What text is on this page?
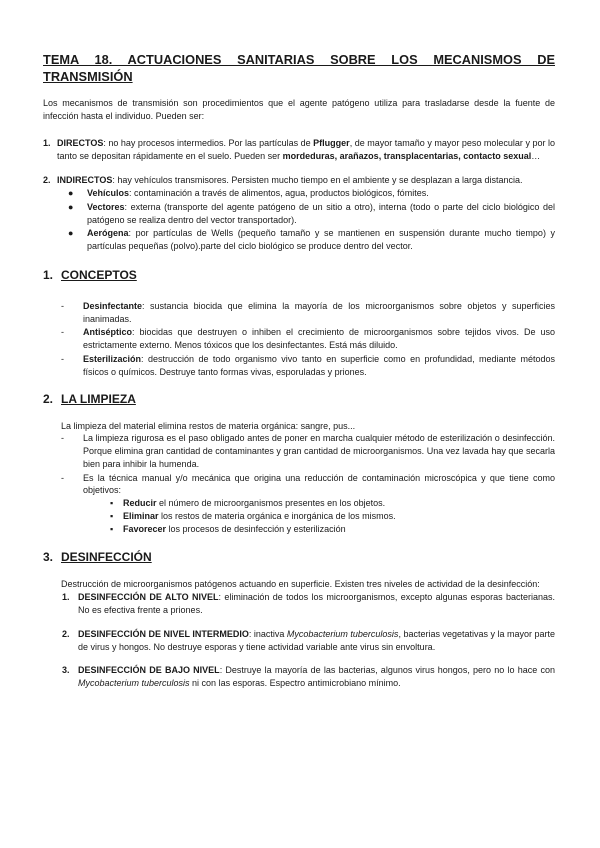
TEMA 18. ACTUACIONES SANITARIAS SOBRE LOS MECANISMOS DE TRANSMISIÓN

Los mecanismos de transmisión son procedimientos que el agente patógeno utiliza para trasladarse desde la fuente de infección hasta el individuo. Pueden ser:

1. DIRECTOS: no hay procesos intermedios. Por las partículas de Pflugger, de mayor tamaño y mayor peso molecular y por lo tanto se depositan rápidamente en el suelo. Pueden ser mordeduras, arañazos, transplacentarias, contacto sexual…

2. INDIRECTOS: hay vehículos transmisores. Persisten mucho tiempo en el ambiente y se desplazan a larga distancia.

● Vehículos: contaminación a través de alimentos, agua, productos biológicos, fómites.

● Vectores: externa (transporte del agente patógeno de un sitio a otro), interna (todo o parte del ciclo biológico del patógeno se realiza dentro del vector transportador).

● Aerógena: por partículas de Wells (pequeño tamaño y se mantienen en suspensión durante mucho tiempo) y partículas pequeñas (polvo).parte del ciclo biológico se produce dentro del vector.

1. CONCEPTOS
- Desinfectante: sustancia biocida que elimina la mayoría de los microorganismos sobre objetos y superficies inanimadas.

- Antiséptico: biocidas que destruyen o inhiben el crecimiento de microorganismos sobre tejidos vivos. De uso estrictamente externo. Menos tóxicos que los desinfectantes. Está más diluido.

- Esterilización: destrucción de todo organismo vivo tanto en superficie como en profundidad, mediante métodos físicos o químicos. Destruye tanto formas vivas, esporuladas y priones.

2. LA LIMPIEZA

La limpieza del material elimina restos de materia orgánica: sangre, pus...

- La limpieza rigurosa es el paso obligado antes de poner en marcha cualquier método de esterilización o desinfección. Porque elimina gran cantidad de contaminantes y gran cantidad de microorganismos. Una vez lavada hay que secarla bien para inhibir la humenda.

- Es la técnica manual y/o mecánica que origina una reducción de contaminación microscópica y que tiene como objetivos:

▪ Reducir el número de microorganismos presentes en los objetos.
▪ Eliminar los restos de materia orgánica e inorgánica de los mismos.
▪ Favorecer los procesos de desinfección y esterilización
3. DESINFECCIÓN

Destrucción de microorganismos patógenos actuando en superficie. Existen tres niveles de actividad de la desinfección:

1. DESINFECCIÓN DE ALTO NIVEL: eliminación de todos los microorganismos, excepto algunas esporas bacterianas. No es efectiva frente a priones.

2. DESINFECCIÓN DE NIVEL INTERMEDIO: inactiva Mycobacterium tuberculosis, bacterias vegetativas y la mayor parte de virus y hongos. No destruye esporas y tiene actividad variable ante virus sin envoltura.

3. DESINFECCIÓN DE BAJO NIVEL: Destruye la mayoría de las bacterias, algunos virus hongos, pero no lo hace con Mycobacterium tuberculosis ni con las esporas. Espectro antimicrobiano mínimo.
